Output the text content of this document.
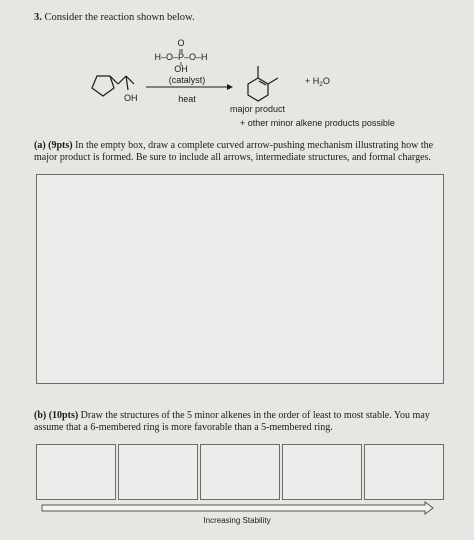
3. Consider the reaction shown below.
OH
O
H–O–P–O–H
OH
(catalyst)
heat
+ $H_2O$
major product
+ other minor alkene products possible
(a) (9pts) In the empty box, draw a complete curved arrow-pushing mechanism illustrating how the major product is formed. Be sure to include all arrows, intermediate structures, and formal charges.
(b) (10pts) Draw the structures of the 5 minor alkenes in the order of least to most stable. You may assume that a 6-membered ring is more favorable than a 5-membered ring.
Increasing Stability
